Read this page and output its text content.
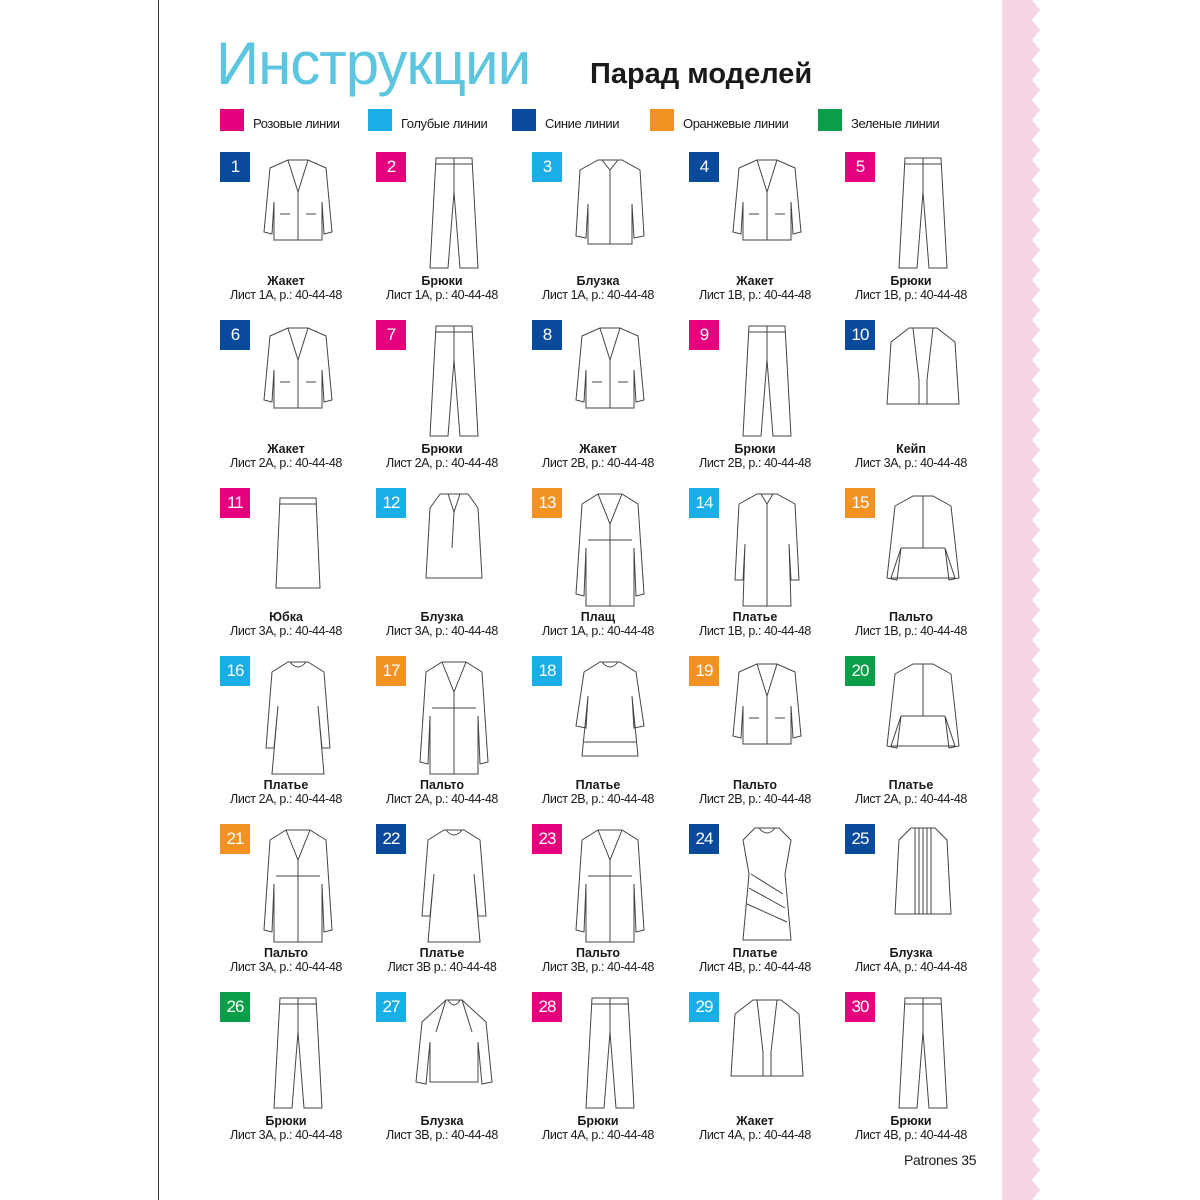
Инструкции Парад моделей
Розовые линии	Голубые линии	Синие линии	Оранжевые линии	Зеленые линии
1
Жакет
Лист 1А, р.: 40-44-48
2
Брюки
Лист 1А, р.: 40-44-48
3
Блузка
Лист 1А, р.: 40-44-48
4
Жакет
Лист 1В, р.: 40-44-48
5
Брюки
Лист 1В, р.: 40-44-48
6
Жакет
Лист 2А, р.: 40-44-48
7
Брюки
Лист 2А, р.: 40-44-48
8
Жакет
Лист 2В, р.: 40-44-48
9
Брюки
Лист 2В, р.: 40-44-48
10
Кейп
Лист 3А, р.: 40-44-48
11
Юбка
Лист 3А, р.: 40-44-48
12
Блузка
Лист 3А, р.: 40-44-48
13
Плащ
Лист 1А, р.: 40-44-48
14
Платье
Лист 1В, р.: 40-44-48
15
Пальто
Лист 1В, р.: 40-44-48
16
Платье
Лист 2А, р.: 40-44-48
17
Пальто
Лист 2А, р.: 40-44-48
18
Платье
Лист 2В, р.: 40-44-48
19
Пальто
Лист 2В, р.: 40-44-48
20
Платье
Лист 2А, р.: 40-44-48
21
Пальто
Лист 3А, р.: 40-44-48
22
Платье
Лист 3В р.: 40-44-48
23
Пальто
Лист 3В, р.: 40-44-48
24
Платье
Лист 4В, р.: 40-44-48
25
Блузка
Лист 4А, р.: 40-44-48
26
Брюки
Лист 3А, р.: 40-44-48
27
Блузка
Лист 3В, р.: 40-44-48
28
Брюки
Лист 4А, р.: 40-44-48
29
Жакет
Лист 4А, р.: 40-44-48
30
Брюки
Лист 4В, р.: 40-44-48
Patrones 35
